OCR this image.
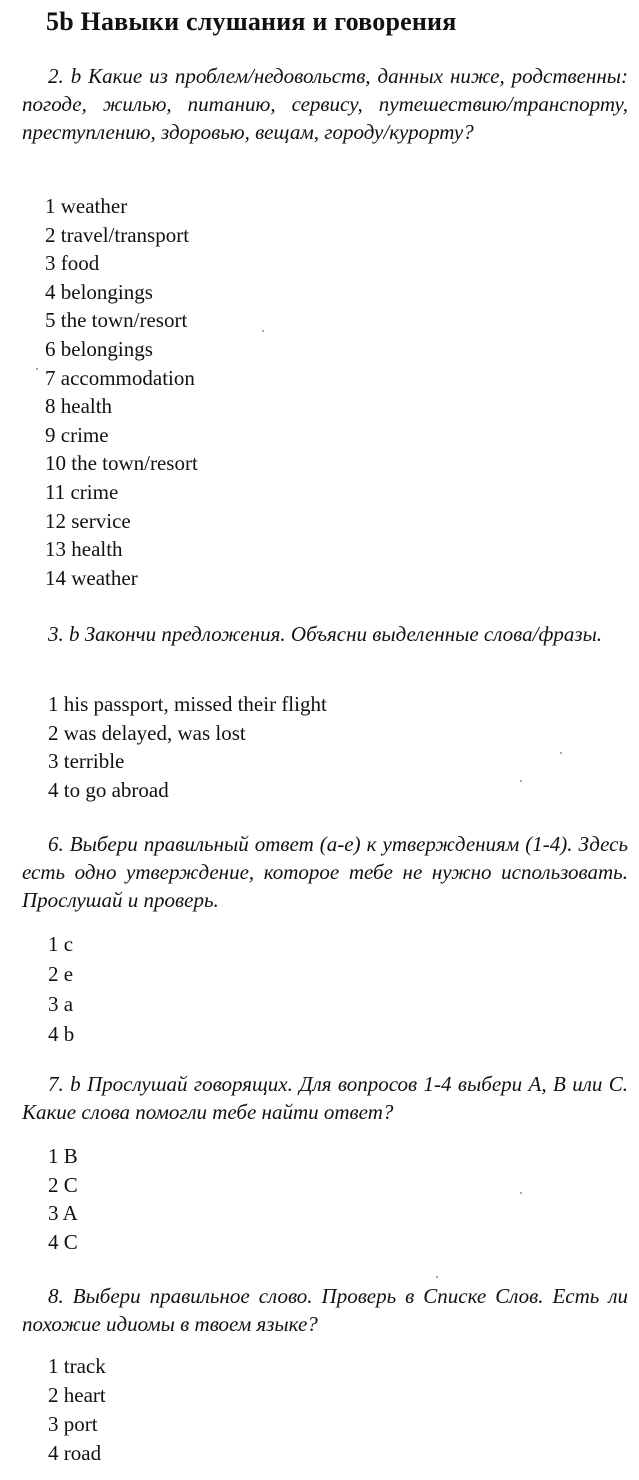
5b Навыки слушания и говорения

2. b Какие из проблем/недовольств, данных ниже, родственны: погоде, жилью, питанию, сервису, путешествию/транспорту, преступлению, здоровью, вещам, городу/курорту?

1 weather
2 travel/transport
3 food
4 belongings
5 the town/resort
6 belongings
7 accommodation
8 health
9 crime
10 the town/resort
11 crime
12 service
13 health
14 weather

3. b Закончи предложения. Объясни выделенные слова/фразы.

1 his passport, missed their flight
2 was delayed, was lost
3 terrible
4 to go abroad

6. Выбери правильный ответ (a-e) к утверждениям (1-4). Здесь есть одно утверждение, которое тебе не нужно использовать. Прослушай и проверь.

1 c
2 e
3 a
4 b

7. b Прослушай говорящих. Для вопросов 1-4 выбери A, B или C. Какие слова помогли тебе найти ответ?

1 B
2 C
3 A
4 C

8. Выбери правильное слово. Проверь в Списке Слов. Есть ли похожие идиомы в твоем языке?

1 track
2 heart
3 port
4 road
